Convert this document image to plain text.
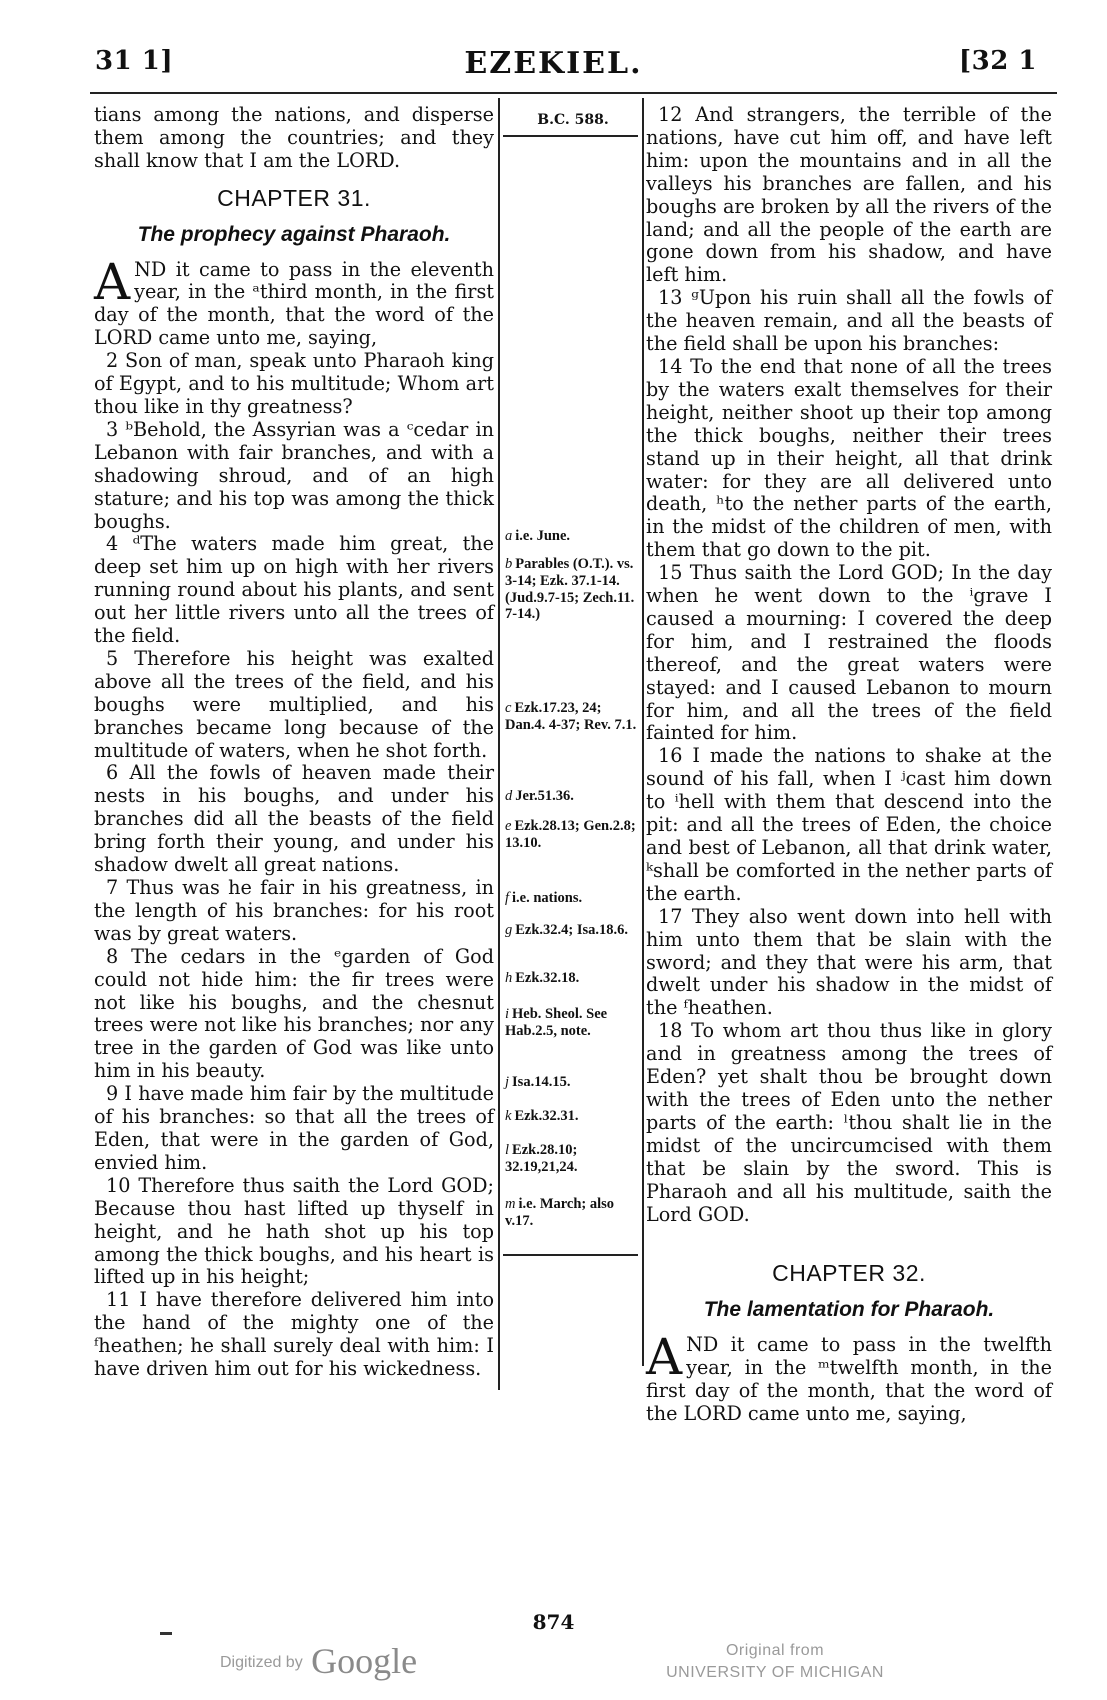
EZEKIEL.
31 1]	[32 1

tians among the nations, and disperse them among the countries; and they shall know that I am the LORD.

CHAPTER 31.

The prophecy against Pharaoh.

AND it came to pass in the eleventh year, in the ᵃthird month, in the first day of the month, that the word of the LORD came unto me, saying,

2 Son of man, speak unto Pharaoh king of Egypt, and to his multitude; Whom art thou like in thy greatness?

3 ᵇBehold, the Assyrian was a ᶜcedar in Lebanon with fair branches, and with a shadowing shroud, and of an high stature; and his top was among the thick boughs.

4 ᵈThe waters made him great, the deep set him up on high with her rivers running round about his plants, and sent out her little rivers unto all the trees of the field.

5 Therefore his height was exalted above all the trees of the field, and his boughs were multiplied, and his branches became long because of the multitude of waters, when he shot forth.

6 All the fowls of heaven made their nests in his boughs, and under his branches did all the beasts of the field bring forth their young, and under his shadow dwelt all great nations.

7 Thus was he fair in his greatness, in the length of his branches: for his root was by great waters.

8 The cedars in the ᵉgarden of God could not hide him: the fir trees were not like his boughs, and the chesnut trees were not like his branches; nor any tree in the garden of God was like unto him in his beauty.

9 I have made him fair by the multitude of his branches: so that all the trees of Eden, that were in the garden of God, envied him.

10 Therefore thus saith the Lord GOD; Because thou hast lifted up thyself in height, and he hath shot up his top among the thick boughs, and his heart is lifted up in his height;

11 I have therefore delivered him into the hand of the mighty one of the ᶠheathen; he shall surely deal with him: I have driven him out for his wickedness.

B.C. 588.
a i.e. June.
b Parables (O.T.). vs. 3-14; Ezk. 37.1-14. (Jud.9.7-15; Zech.11. 7-14.)
c Ezk.17.23, 24; Dan.4. 4-37; Rev. 7.1.
d Jer.51.36.
e Ezk.28.13; Gen.2.8; 13.10.
f i.e. nations.
g Ezk.32.4; Isa.18.6.
h Ezk.32.18.
i Heb. Sheol. See Hab.2.5, note.
j Isa.14.15.
k Ezk.32.31.
l Ezk.28.10; 32.19,21,24.
m i.e. March; also v.17.

12 And strangers, the terrible of the nations, have cut him off, and have left him: upon the mountains and in all the valleys his branches are fallen, and his boughs are broken by all the rivers of the land; and all the people of the earth are gone down from his shadow, and have left him.

13 ᵍUpon his ruin shall all the fowls of the heaven remain, and all the beasts of the field shall be upon his branches:

14 To the end that none of all the trees by the waters exalt themselves for their height, neither shoot up their top among the thick boughs, neither their trees stand up in their height, all that drink water: for they are all delivered unto death, ʰto the nether parts of the earth, in the midst of the children of men, with them that go down to the pit.

15 Thus saith the Lord GOD; In the day when he went down to the ⁱgrave I caused a mourning: I covered the deep for him, and I restrained the floods thereof, and the great waters were stayed: and I caused Lebanon to mourn for him, and all the trees of the field fainted for him.

16 I made the nations to shake at the sound of his fall, when I ʲcast him down to ⁱhell with them that descend into the pit: and all the trees of Eden, the choice and best of Lebanon, all that drink water, ᵏshall be comforted in the nether parts of the earth.

17 They also went down into hell with him unto them that be slain with the sword; and they that were his arm, that dwelt under his shadow in the midst of the ᶠheathen.

18 To whom art thou thus like in glory and in greatness among the trees of Eden? yet shalt thou be brought down with the trees of Eden unto the nether parts of the earth: ˡthou shalt lie in the midst of the uncircumcised with them that be slain by the sword. This is Pharaoh and all his multitude, saith the Lord GOD.

CHAPTER 32.

The lamentation for Pharaoh.

AND it came to pass in the twelfth year, in the ᵐtwelfth month, in the first day of the month, that the word of the LORD came unto me, saying,

874
Digitized by Google	Original from
UNIVERSITY OF MICHIGAN
